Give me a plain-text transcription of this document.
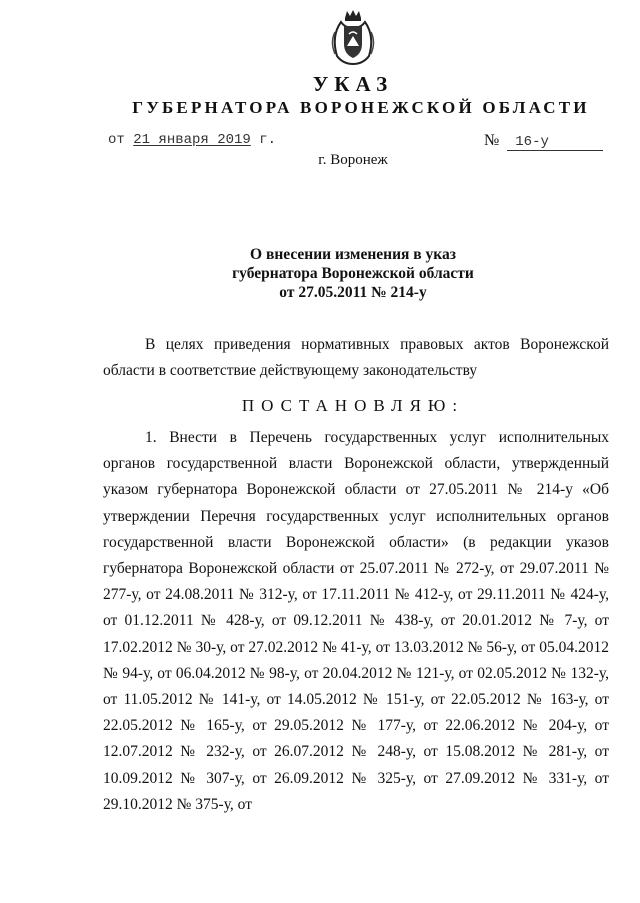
УКАЗ
ГУБЕРНАТОРА ВОРОНЕЖСКОЙ ОБЛАСТИ
от 21 января 2019 г.	№ 16-у
г. Воронеж
О внесении изменения в указ
губернатора Воронежской области
от 27.05.2011 № 214-у

В целях приведения нормативных правовых актов Воронежской области в соответствие действующему законодательству

ПОСТАНОВЛЯЮ:

1. Внести в Перечень государственных услуг исполнительных органов государственной власти Воронежской области, утвержденный указом губернатора Воронежской области от 27.05.2011 № 214-у «Об утверждении Перечня государственных услуг исполнительных органов государственной власти Воронежской области» (в редакции указов губернатора Воронежской области от 25.07.2011 № 272-у, от 29.07.2011 № 277-у, от 24.08.2011 № 312-у, от 17.11.2011 № 412-у, от 29.11.2011 № 424-у, от 01.12.2011 № 428-у, от 09.12.2011 № 438-у, от 20.01.2012 № 7-у, от 17.02.2012 № 30-у, от 27.02.2012 № 41-у, от 13.03.2012 № 56-у, от 05.04.2012 № 94-у, от 06.04.2012 № 98-у, от 20.04.2012 № 121-у, от 02.05.2012 № 132-у, от 11.05.2012 № 141-у, от 14.05.2012 № 151-у, от 22.05.2012 № 163-у, от 22.05.2012 № 165-у, от 29.05.2012 № 177-у, от 22.06.2012 № 204-у, от 12.07.2012 № 232-у, от 26.07.2012 № 248-у, от 15.08.2012 № 281-у, от 10.09.2012 № 307-у, от 26.09.2012 № 325-у, от 27.09.2012 № 331-у, от 29.10.2012 № 375-у, от
